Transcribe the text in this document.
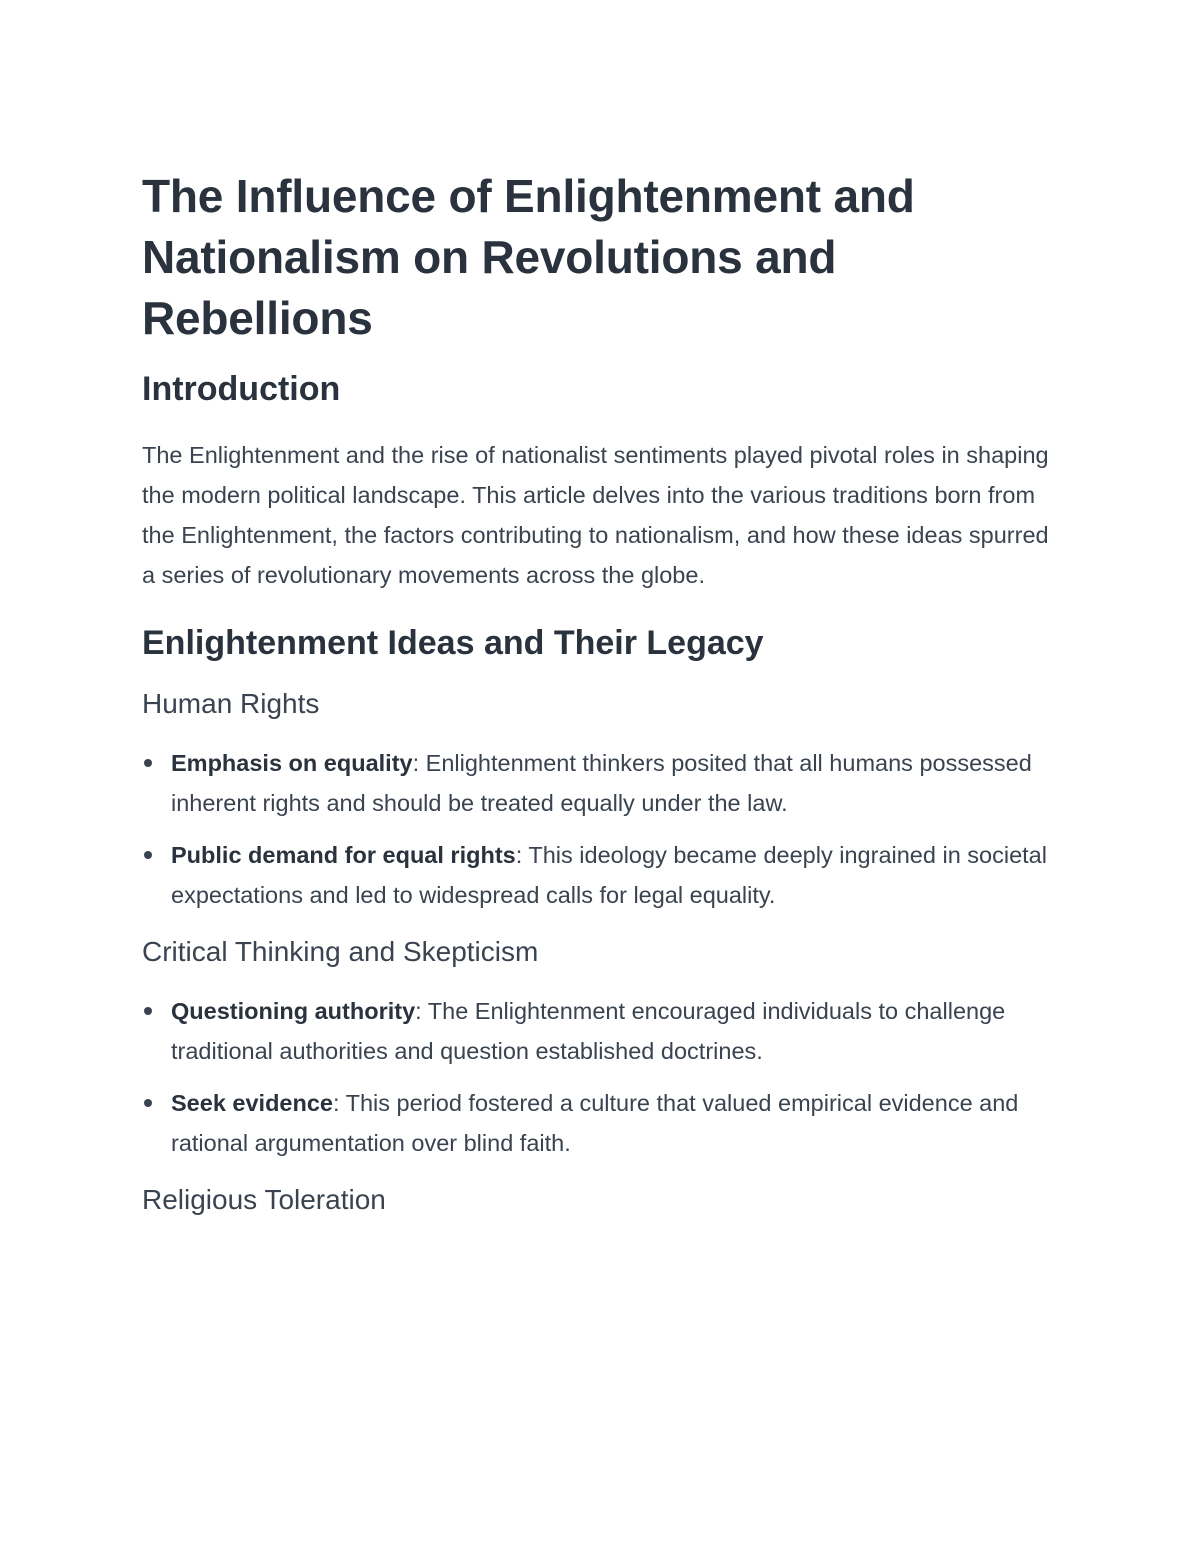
The Influence of Enlightenment and Nationalism on Revolutions and Rebellions
Introduction

The Enlightenment and the rise of nationalist sentiments played pivotal roles in shaping the modern political landscape. This article delves into the various traditions born from the Enlightenment, the factors contributing to nationalism, and how these ideas spurred a series of revolutionary movements across the globe.

Enlightenment Ideas and Their Legacy
Human Rights
Emphasis on equality: Enlightenment thinkers posited that all humans possessed inherent rights and should be treated equally under the law.
Public demand for equal rights: This ideology became deeply ingrained in societal expectations and led to widespread calls for legal equality.
Critical Thinking and Skepticism
Questioning authority: The Enlightenment encouraged individuals to challenge traditional authorities and question established doctrines.
Seek evidence: This period fostered a culture that valued empirical evidence and rational argumentation over blind faith.
Religious Toleration
